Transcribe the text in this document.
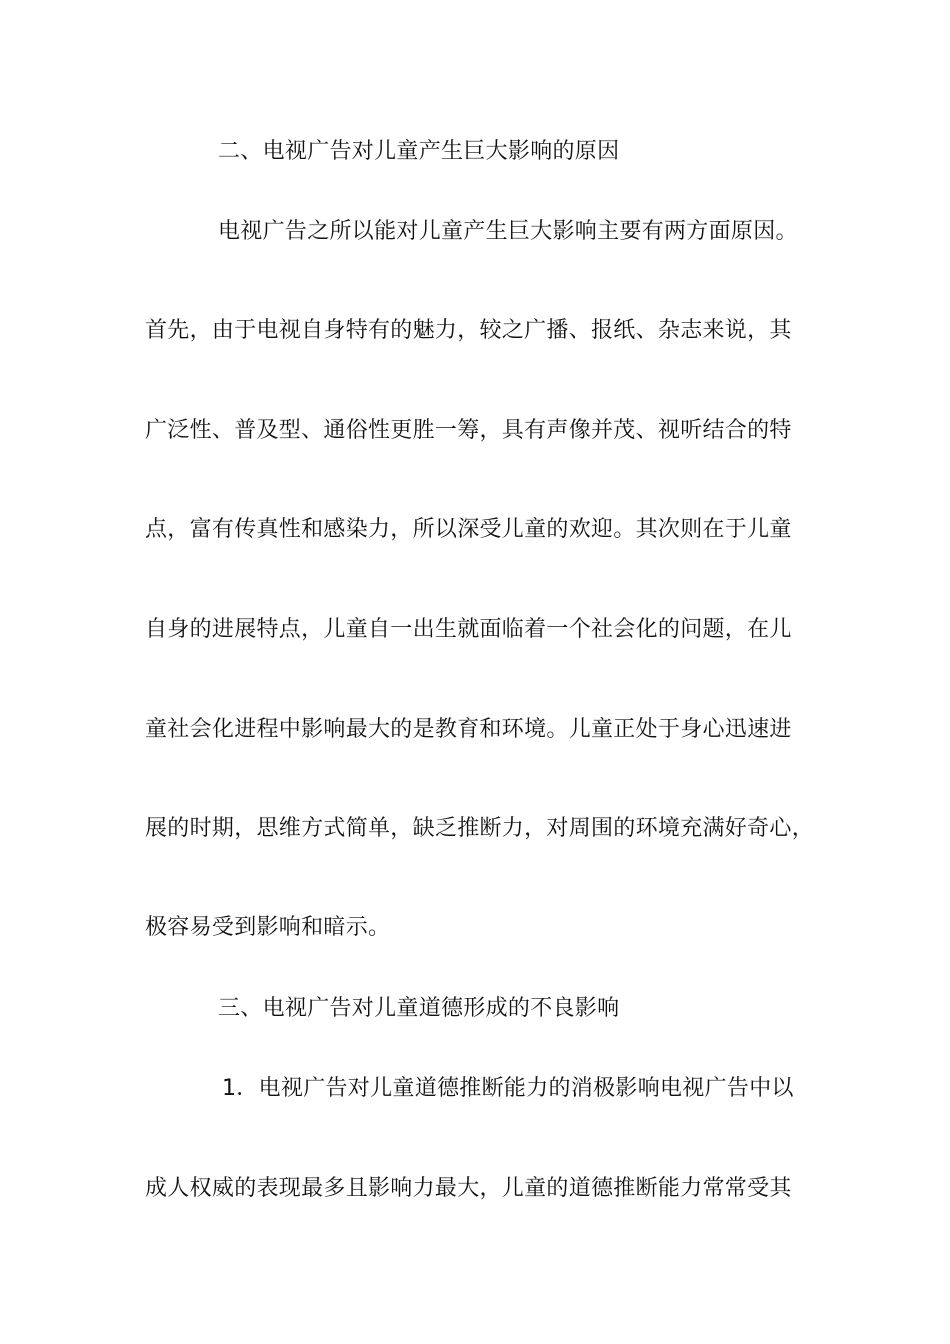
二、电视广告对儿童产生巨大影响的原因
电视广告之所以能对儿童产生巨大影响主要有两方面原因。
首先，由于电视自身特有的魅力，较之广播、报纸、杂志来说，其
广泛性、普及型、通俗性更胜一筹，具有声像并茂、视听结合的特
点，富有传真性和感染力，所以深受儿童的欢迎。其次则在于儿童
自身的进展特点，儿童自一出生就面临着一个社会化的问题，在儿
童社会化进程中影响最大的是教育和环境。儿童正处于身心迅速进
展的时期，思维方式简单，缺乏推断力，对周围的环境充满好奇心，
极容易受到影响和暗示。
三、电视广告对儿童道德形成的不良影响
1．电视广告对儿童道德推断能力的消极影响电视广告中以
成人权威的表现最多且影响力最大，儿童的道德推断能力常常受其
